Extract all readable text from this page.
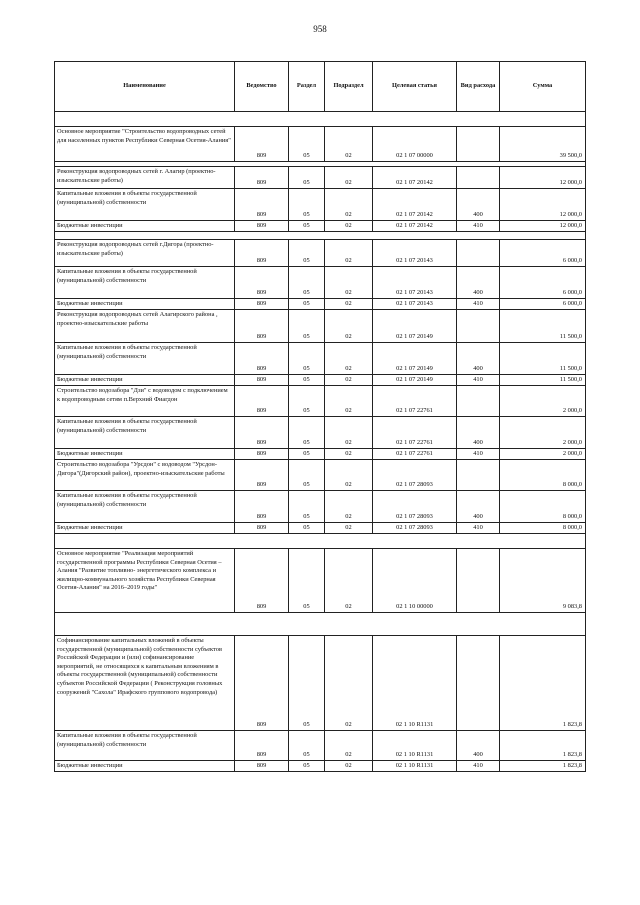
958
Наименование	Ведомство	Раздел	Подраздел	Целевая статья	Вид расхода	Сумма

Основное мероприятие "Строительство водопроводных сетей для населенных пунктов Республики Северная Осетия-Алания"	809	05	02	02 1 07 00000		39 500,0

Реконструкция водопроводных сетей г. Алагир (проектно-изыскательские работы)	809	05	02	02 1 07 20142		12 000,0
Капитальные вложения в объекты государственной (муниципальной) собственности	809	05	02	02 1 07 20142	400	12 000,0
Бюджетные инвестиции	809	05	02	02 1 07 20142	410	12 000,0

Реконструкция водопроводных сетей г.Дигора (проектно-изыскательские работы)	809	05	02	02 1 07 20143		6 000,0
Капитальные вложения в объекты государственной (муниципальной) собственности	809	05	02	02 1 07 20143	400	6 000,0
Бюджетные инвестиции	809	05	02	02 1 07 20143	410	6 000,0
Реконструкция водопроводных сетей Алагирского района , проектно-изыскательские работы	809	05	02	02 1 07 20149		11 500,0
Капитальные вложения в объекты государственной (муниципальной) собственности	809	05	02	02 1 07 20149	400	11 500,0
Бюджетные инвестиции	809	05	02	02 1 07 20149	410	11 500,0
Строительство водозабора "Дзи" с водоводом с подключением к водопроводным сетям п.Верхний Фиагдон	809	05	02	02 1 07 22761		2 000,0
Капитальные вложения в объекты государственной (муниципальной) собственности	809	05	02	02 1 07 22761	400	2 000,0
Бюджетные инвестиции	809	05	02	02 1 07 22761	410	2 000,0
Строительство водозабора "Урсдон" с водоводом "Урсдон-Дигора"(Дигорский район), проектно-изыскательские работы	809	05	02	02 1 07 28093		8 000,0
Капитальные вложения в объекты государственной (муниципальной) собственности	809	05	02	02 1 07 28093	400	8 000,0
Бюджетные инвестиции	809	05	02	02 1 07 28093	410	8 000,0

Основное мероприятие "Реализация мероприятий государственной программы Республики Северная Осетия – Алания "Развитие топливно- энергетического комплекса и жилищно-коммунального хозяйства Республики Северная Осетия-Алания" на 2016–2019 годы"	809	05	02	02 1 10 00000		9 083,8

Софинансирование капитальных вложений в объекты государственной (муниципальной) собственности субъектов Российской Федерации и (или) софинансирование мероприятий, не относящихся к капитальным вложениям в объекты государственной (муниципальной) собственности субъектов Российской Федерации ( Реконструкция головных сооружений "Сахола" Ирафского группового водопровода)	809	05	02	02 1 10 R1131		1 823,8
Капитальные вложения в объекты государственной (муниципальной) собственности	809	05	02	02 1 10 R1131	400	1 823,8
Бюджетные инвестиции	809	05	02	02 1 10 R1131	410	1 823,8
